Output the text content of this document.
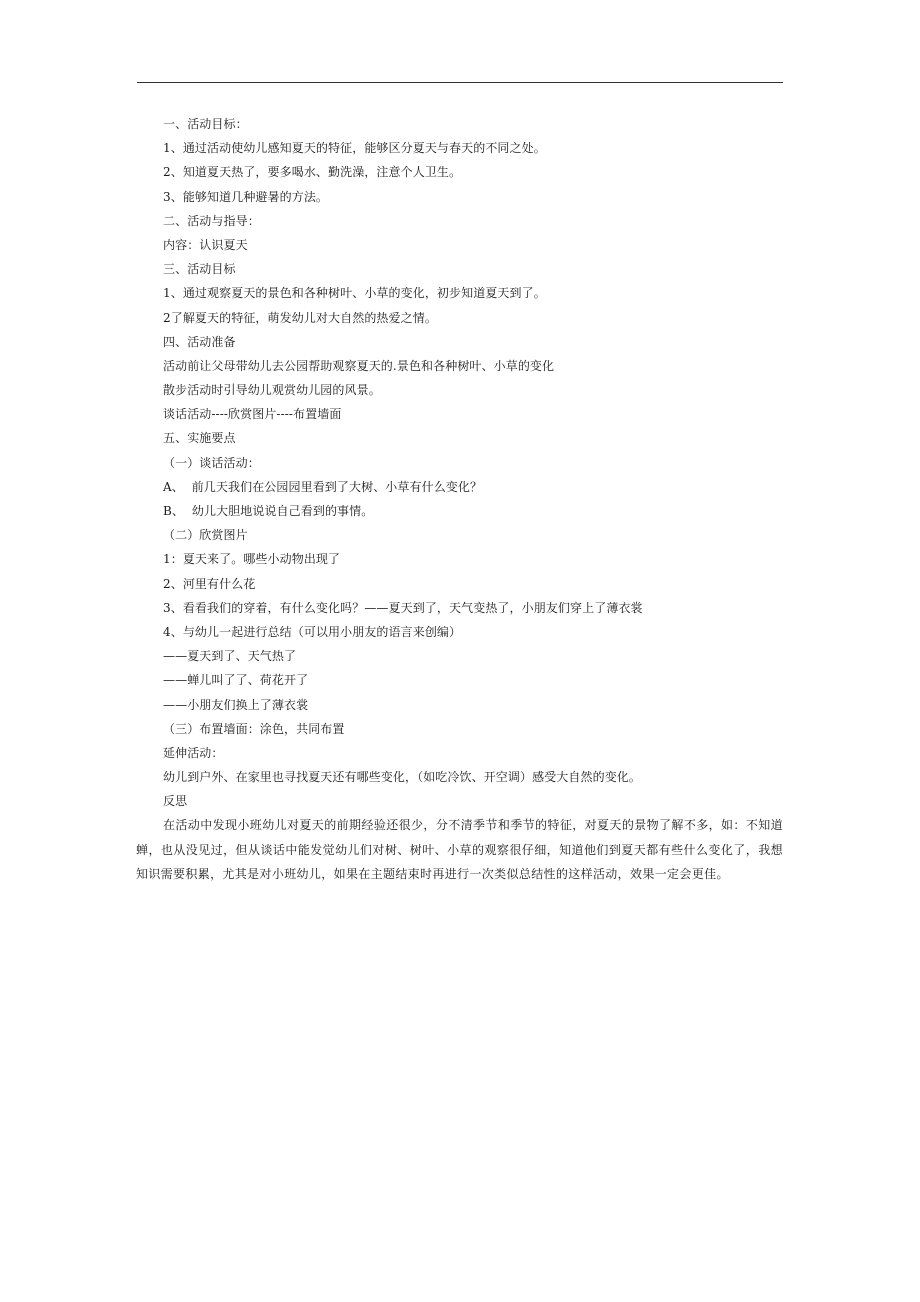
一、活动目标：
1、通过活动使幼儿感知夏天的特征，能够区分夏天与春天的不同之处。
2、知道夏天热了，要多喝水、勤洗澡，注意个人卫生。
3、能够知道几种避暑的方法。
二、活动与指导：
内容：认识夏天
三、活动目标
1、通过观察夏天的景色和各种树叶、小草的变化，初步知道夏天到了。
2了解夏天的特征，萌发幼儿对大自然的热爱之情。
四、活动准备
活动前让父母带幼儿去公园帮助观察夏天的.景色和各种树叶、小草的变化
散步活动时引导幼儿观赏幼儿园的风景。
谈话活动----欣赏图片----布置墙面
五、实施要点
（一）谈话活动：
A、  前几天我们在公园园里看到了大树、小草有什么变化？
B、  幼儿大胆地说说自己看到的事情。
（二）欣赏图片
1：夏天来了。哪些小动物出现了
2、河里有什么花
3、看看我们的穿着，有什么变化吗？——夏天到了，天气变热了，小朋友们穿上了薄衣裳
4、与幼儿一起进行总结（可以用小朋友的语言来创编）
——夏天到了、天气热了
——蝉儿叫了了、荷花开了
——小朋友们换上了薄衣裳
（三）布置墙面：涂色，共同布置
延伸活动：
幼儿到户外、在家里也寻找夏天还有哪些变化，（如吃冷饮、开空调）感受大自然的变化。
反思
在活动中发现小班幼儿对夏天的前期经验还很少，分不清季节和季节的特征，对夏天的景物了解不多，如：不知道蝉，也从没见过，但从谈话中能发觉幼儿们对树、树叶、小草的观察很仔细，知道他们到夏天都有些什么变化了，我想知识需要积累，尤其是对小班幼儿，如果在主题结束时再进行一次类似总结性的这样活动，效果一定会更佳。
